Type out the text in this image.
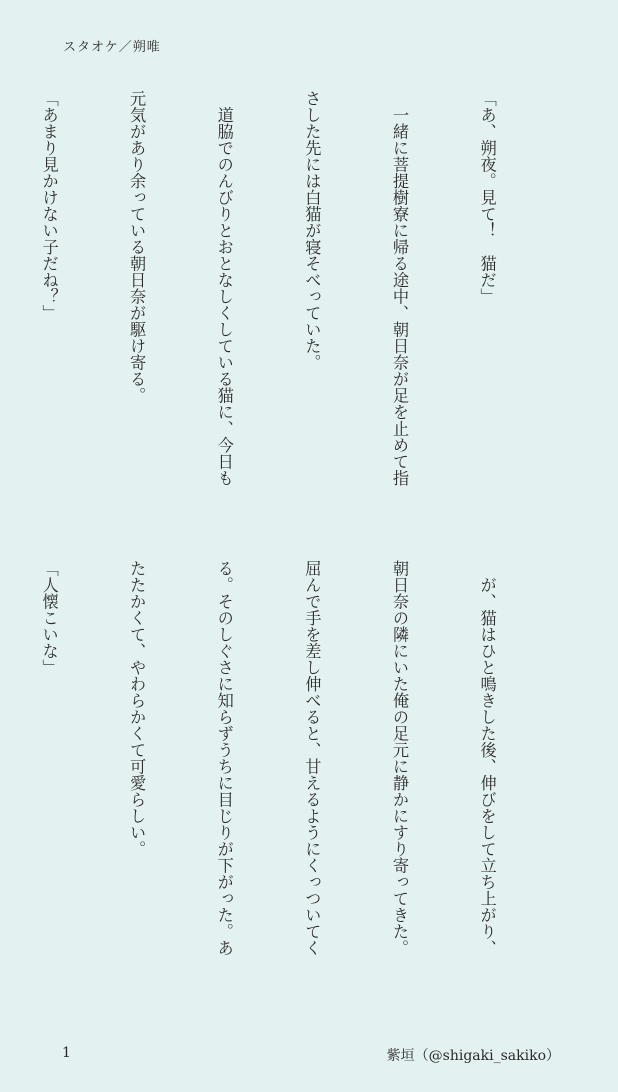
スタオケ／朔唯

「あ、朔夜。見て！　猫だ」

　一緒に菩提樹寮に帰る途中、朝日奈が足を止めて指

さした先には白猫が寝そべっていた。

　道脇でのんびりとおとなしくしている猫に、今日も

元気があり余っている朝日奈が駆け寄る。

「あまり見かけない子だね？」

　が、猫はひと鳴きした後、伸びをして立ち上がり、

朝日奈の隣にいた俺の足元に静かにすり寄ってきた。

屈んで手を差し伸べると、甘えるようにくっついてく

る。そのしぐさに知らずうちに目じりが下がった。あ

たたかくて、やわらかくて可愛らしい。

「人懐こいな」

1	紫垣（@shigaki_sakiko）
